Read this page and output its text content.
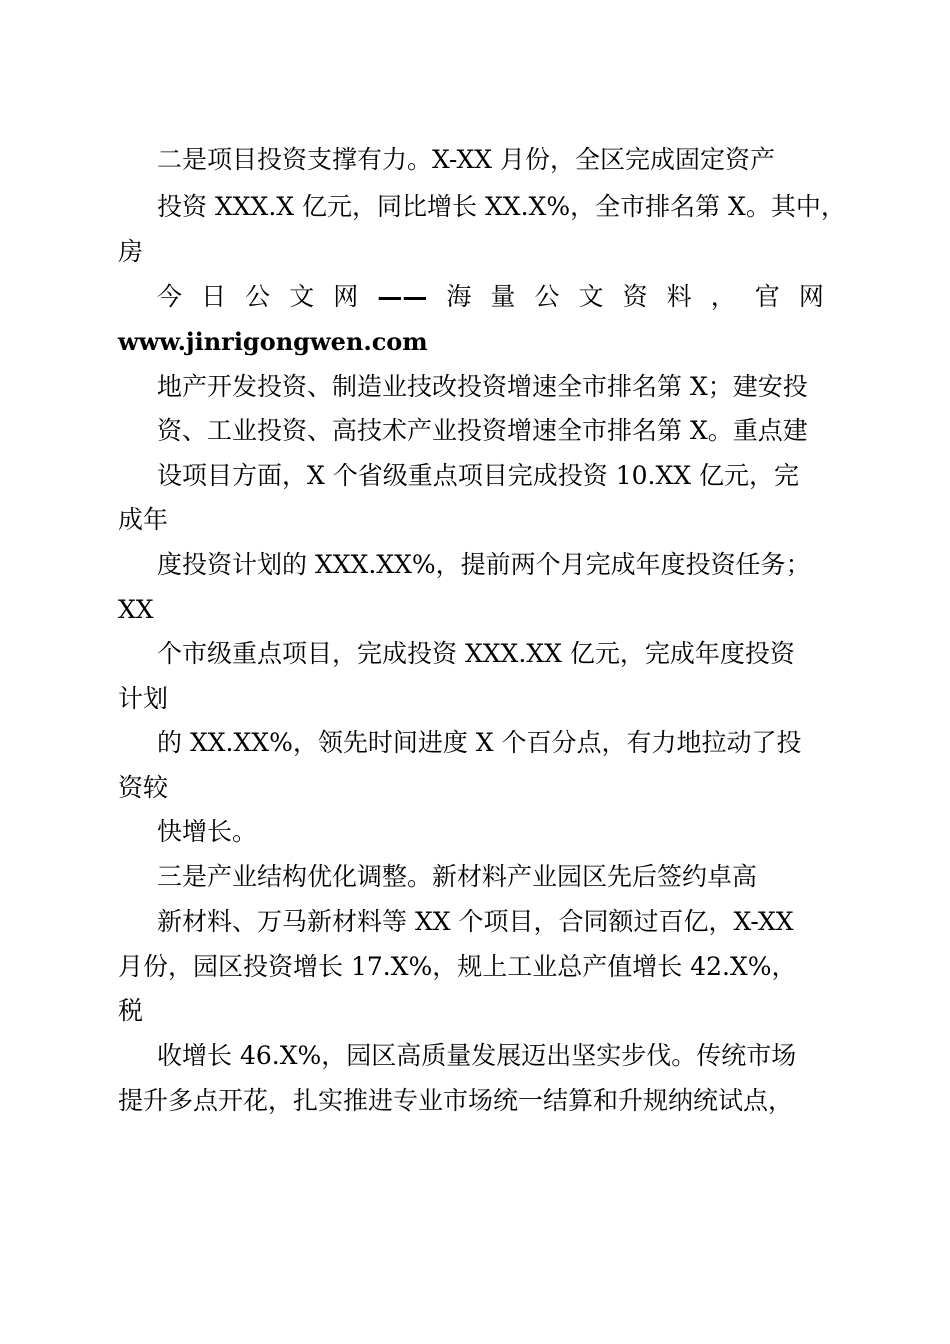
二是项目投资支撑有力。X-XX 月份，全区完成固定资产
投资 XXX.X 亿元，同比增长 XX.X%，全市排名第 X。其中，
房
今 日 公 文 网 —— 海 量 公 文 资 料 ， 官 网
www.jinrigongwen.com
地产开发投资、制造业技改投资增速全市排名第 X；建安投
资、工业投资、高技术产业投资增速全市排名第 X。重点建
设项目方面，X 个省级重点项目完成投资 10.XX 亿元，完
成年
度投资计划的 XXX.XX%，提前两个月完成年度投资任务；
XX
个市级重点项目，完成投资 XXX.XX 亿元，完成年度投资
计划
的 XX.XX%，领先时间进度 X 个百分点，有力地拉动了投
资较
快增长。
三是产业结构优化调整。新材料产业园区先后签约卓高
新材料、万马新材料等 XX 个项目，合同额过百亿，X-XX
月份，园区投资增长 17.X%，规上工业总产值增长 42.X%，
税
收增长 46.X%，园区高质量发展迈出坚实步伐。传统市场
提升多点开花，扎实推进专业市场统一结算和升规纳统试点，
